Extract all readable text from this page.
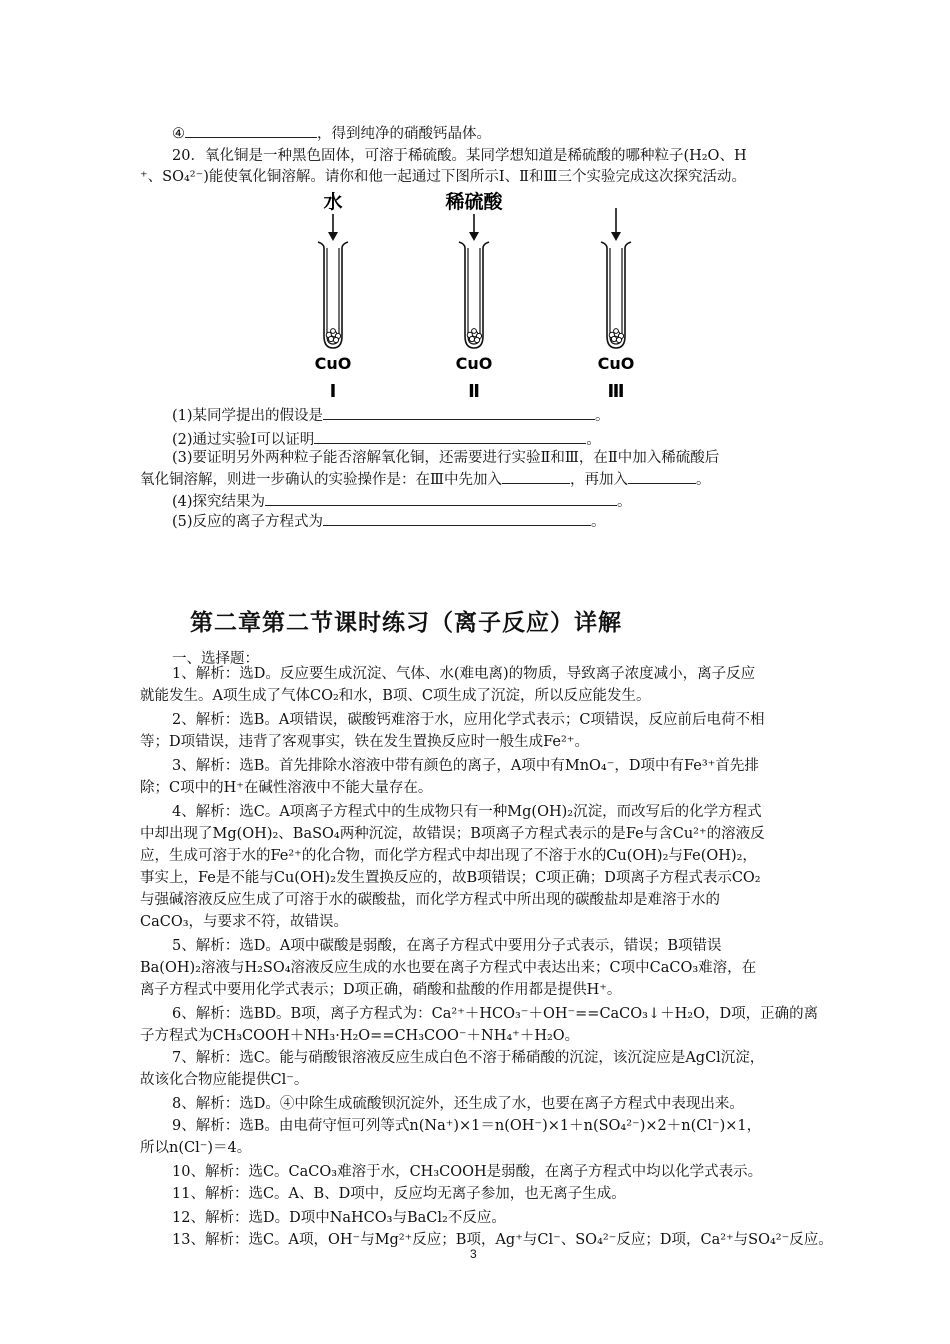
④	，得到纯净的硝酸钙晶体。
20．氧化铜是一种黑色固体，可溶于稀硫酸。某同学想知道是稀硫酸的哪种粒子(H₂O、H
⁺、SO₄²⁻)能使氧化铜溶解。请你和他一起通过下图所示Ⅰ、Ⅱ和Ⅲ三个实验完成这次探究活动。
水	稀硫酸
CuO	CuO	CuO
Ⅰ	Ⅱ	Ⅲ
(1)某同学提出的假设是	。
(2)通过实验Ⅰ可以证明	。
(3)要证明另外两种粒子能否溶解氧化铜，还需要进行实验Ⅱ和Ⅲ，在Ⅱ中加入稀硫酸后
氧化铜溶解，则进一步确认的实验操作是：在Ⅲ中先加入	，再加入	。
(4)探究结果为	。
(5)反应的离子方程式为	。
第二章第二节课时练习（离子反应）详解
一、选择题：
1、解析：选D。反应要生成沉淀、气体、水(难电离)的物质，导致离子浓度减小，离子反应
就能发生。A项生成了气体CO₂和水，B项、C项生成了沉淀，所以反应能发生。
2、解析：选B。A项错误，碳酸钙难溶于水，应用化学式表示；C项错误，反应前后电荷不相
等；D项错误，违背了客观事实，铁在发生置换反应时一般生成Fe²⁺。
3、解析：选B。首先排除水溶液中带有颜色的离子，A项中有MnO₄⁻，D项中有Fe³⁺首先排
除；C项中的H⁺在碱性溶液中不能大量存在。
4、解析：选C。A项离子方程式中的生成物只有一种Mg(OH)₂沉淀，而改写后的化学方程式
中却出现了Mg(OH)₂、BaSO₄两种沉淀，故错误；B项离子方程式表示的是Fe与含Cu²⁺的溶液反
应，生成可溶于水的Fe²⁺的化合物，而化学方程式中却出现了不溶于水的Cu(OH)₂与Fe(OH)₂，
事实上，Fe是不能与Cu(OH)₂发生置换反应的，故B项错误；C项正确；D项离子方程式表示CO₂
与强碱溶液反应生成了可溶于水的碳酸盐，而化学方程式中所出现的碳酸盐却是难溶于水的
CaCO₃，与要求不符，故错误。
5、解析：选D。A项中碳酸是弱酸，在离子方程式中要用分子式表示，错误；B项错误
Ba(OH)₂溶液与H₂SO₄溶液反应生成的水也要在离子方程式中表达出来；C项中CaCO₃难溶，在
离子方程式中要用化学式表示；D项正确，硝酸和盐酸的作用都是提供H⁺。
6、解析：选BD。B项，离子方程式为：Ca²⁺＋HCO₃⁻＋OH⁻==CaCO₃↓＋H₂O，D项，正确的离
子方程式为CH₃COOH＋NH₃·H₂O==CH₃COO⁻＋NH₄⁺＋H₂O。
7、解析：选C。能与硝酸银溶液反应生成白色不溶于稀硝酸的沉淀，该沉淀应是AgCl沉淀，
故该化合物应能提供Cl⁻。
8、解析：选D。④中除生成硫酸钡沉淀外，还生成了水，也要在离子方程式中表现出来。
9、解析：选B。由电荷守恒可列等式n(Na⁺)×1＝n(OH⁻)×1＋n(SO₄²⁻)×2＋n(Cl⁻)×1，
所以n(Cl⁻)＝4。
10、解析：选C。CaCO₃难溶于水，CH₃COOH是弱酸，在离子方程式中均以化学式表示。
11、解析：选C。A、B、D项中，反应均无离子参加，也无离子生成。
12、解析：选D。D项中NaHCO₃与BaCl₂不反应。
13、解析：选C。A项，OH⁻与Mg²⁺反应；B项，Ag⁺与Cl⁻、SO₄²⁻反应；D项，Ca²⁺与SO₄²⁻反应。
3
